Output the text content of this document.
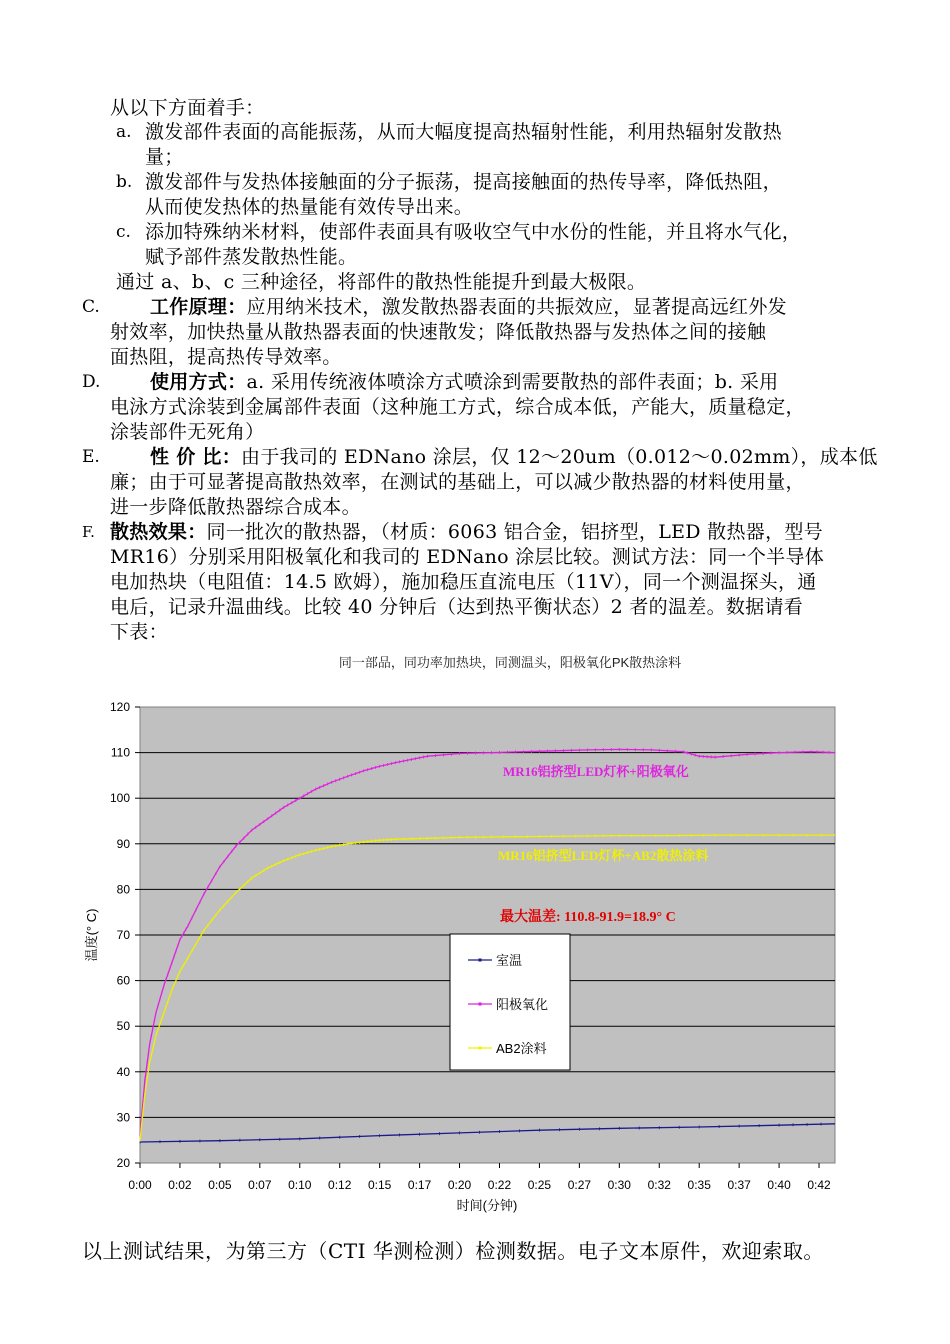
从以下方面着手：
a. 激发部件表面的高能振荡，从而大幅度提高热辐射性能，利用热辐射发散热
量；
b. 激发部件与发热体接触面的分子振荡，提高接触面的热传导率，降低热阻，
从而使发热体的热量能有效传导出来。
c. 添加特殊纳米材料，使部件表面具有吸收空气中水份的性能，并且将水气化，
赋予部件蒸发散热性能。
通过 a、b、c 三种途径，将部件的散热性能提升到最大极限。
C.	工作原理：应用纳米技术，激发散热器表面的共振效应，显著提高远红外发
射效率，加快热量从散热器表面的快速散发；降低散热器与发热体之间的接触
面热阻，提高热传导效率。
D.	使用方式：a. 采用传统液体喷涂方式喷涂到需要散热的部件表面；b. 采用
电泳方式涂装到金属部件表面（这种施工方式，综合成本低，产能大，质量稳定，
涂装部件无死角）
E.	性 价 比：由于我司的 EDNano 涂层，仅 12～20um（0.012～0.02mm），成本低
廉；由于可显著提高散热效率，在测试的基础上，可以减少散热器的材料使用量，
进一步降低散热器综合成本。
F. 散热效果：同一批次的散热器，（材质：6063 铝合金，铝挤型，LED 散热器，型号
MR16）分别采用阳极氧化和我司的 EDNano 涂层比较。测试方法：同一个半导体
电加热块（电阻值：14.5 欧姆），施加稳压直流电压（11V），同一个测温探头，通
电后，记录升温曲线。比较 40 分钟后（达到热平衡状态）2 者的温差。数据请看
下表：
同一部品，同功率加热块，同测温头，阳极氧化PK散热涂料
20
30
40
50
60
70
80
90
100
110
120
0:00 0:02 0:05 0:07 0:10 0:12 0:15 0:17 0:20 0:22 0:25 0:27 0:30 0:32 0:35 0:37 0:40 0:42
MR16铝挤型LED灯杯+阳极氧化
MR16铝挤型LED灯杯+AB2散热涂料
最大温差: 110.8-91.9=18.9° C
室温
阳极氧化
AB2涂料
温度(° C)
时间(分钟)
以上测试结果，为第三方（CTI 华测检测）检测数据。电子文本原件，欢迎索取。
